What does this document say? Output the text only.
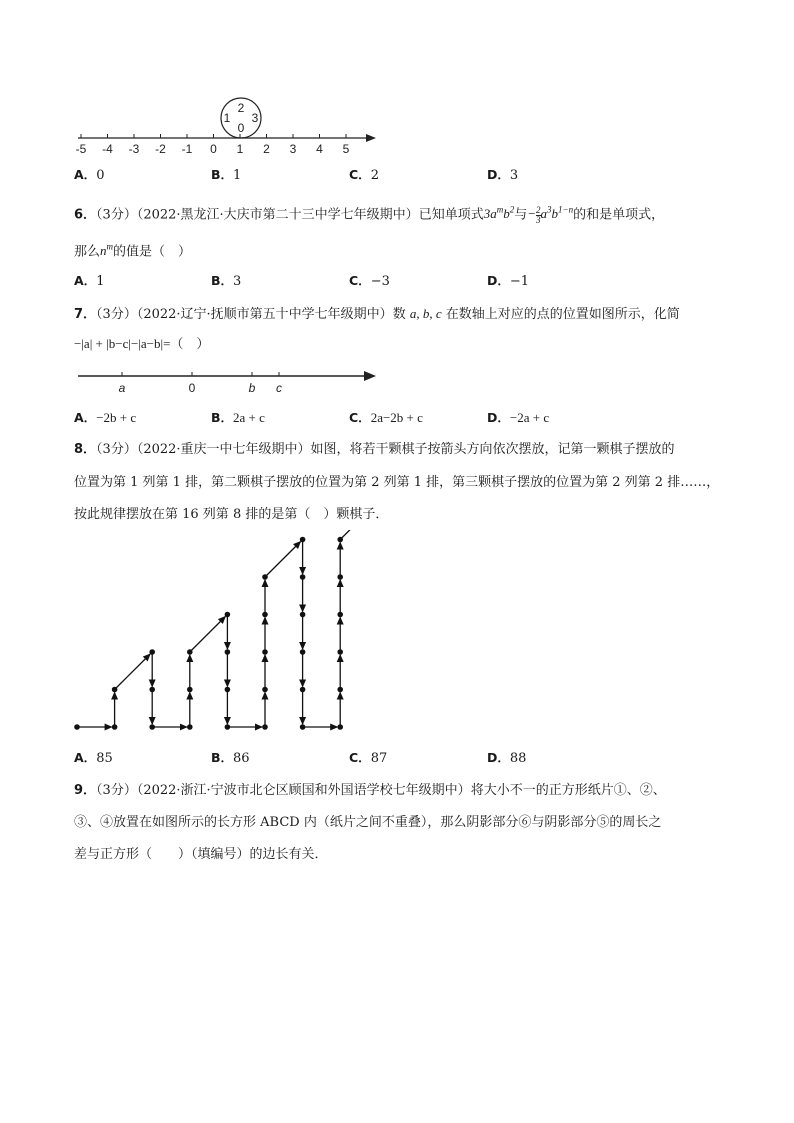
-5 -4 -3 -2 -1 0 1 2 3 4 5
2
1 3
0
A．0	B．1	C．2	D．3
6．（3分）（2022·黑龙江·大庆市第二十三中学七年级期中）已知单项式$3a^mb^2$与− $\frac{2}{3} a^3b^{1-n}$的和是单项式，
那么$n^m$的值是（　）
A．1	B．3	C．−3	D．−1
7．（3分）（2022·辽宁·抚顺市第五十中学七年级期中）数 a, b, c 在数轴上对应的点的位置如图所示，化简
−|a| + |b−c|−|a−b|=（　）
a	0	b c
A．−2b + c	B．2a + c	C．2a−2b + c	D．−2a + c
8．（3分）（2022·重庆一中七年级期中）如图，将若干颗棋子按箭头方向依次摆放，记第一颗棋子摆放的
位置为第 1 列第 1 排，第二颗棋子摆放的位置为第 2 列第 1 排，第三颗棋子摆放的位置为第 2 列第 2 排……，
按此规律摆放在第 16 列第 8 排的是第（　）颗棋子．
A．85	B．86	C．87	D．88
9．（3分）（2022·浙江·宁波市北仑区顾国和外国语学校七年级期中）将大小不一的正方形纸片①、②、
③、④放置在如图所示的长方形 ABCD 内（纸片之间不重叠），那么阴影部分⑥与阴影部分⑤的周长之
差与正方形（　　）（填编号）的边长有关．
